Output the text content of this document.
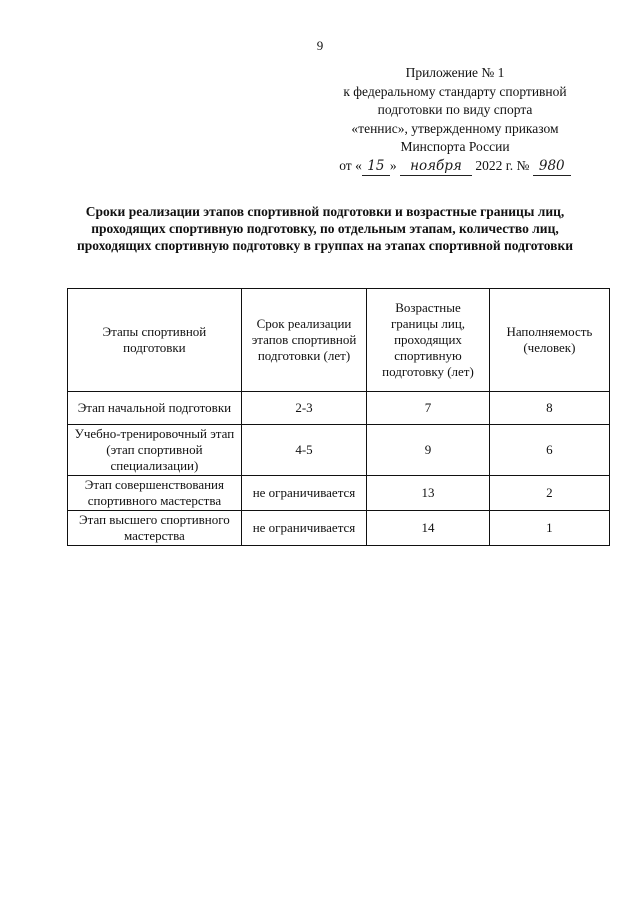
9
Приложение № 1
к федеральному стандарту спортивной
подготовки по виду спорта
«теннис», утвержденному приказом
Минспорта России
от « 15 » ноября 2022 г. № 980
Сроки реализации этапов спортивной подготовки и возрастные границы лиц, проходящих спортивную подготовку, по отдельным этапам, количество лиц, проходящих спортивную подготовку в группах на этапах спортивной подготовки
Этапы спортивной подготовки	Срок реализации этапов спортивной подготовки (лет)	Возрастные границы лиц, проходящих спортивную подготовку (лет)	Наполняемость (человек)
Этап начальной подготовки	2-3	7	8
Учебно-тренировочный этап (этап спортивной специализации)	4-5	9	6
Этап совершенствования спортивного мастерства	не ограничивается	13	2
Этап высшего спортивного мастерства	не ограничивается	14	1
